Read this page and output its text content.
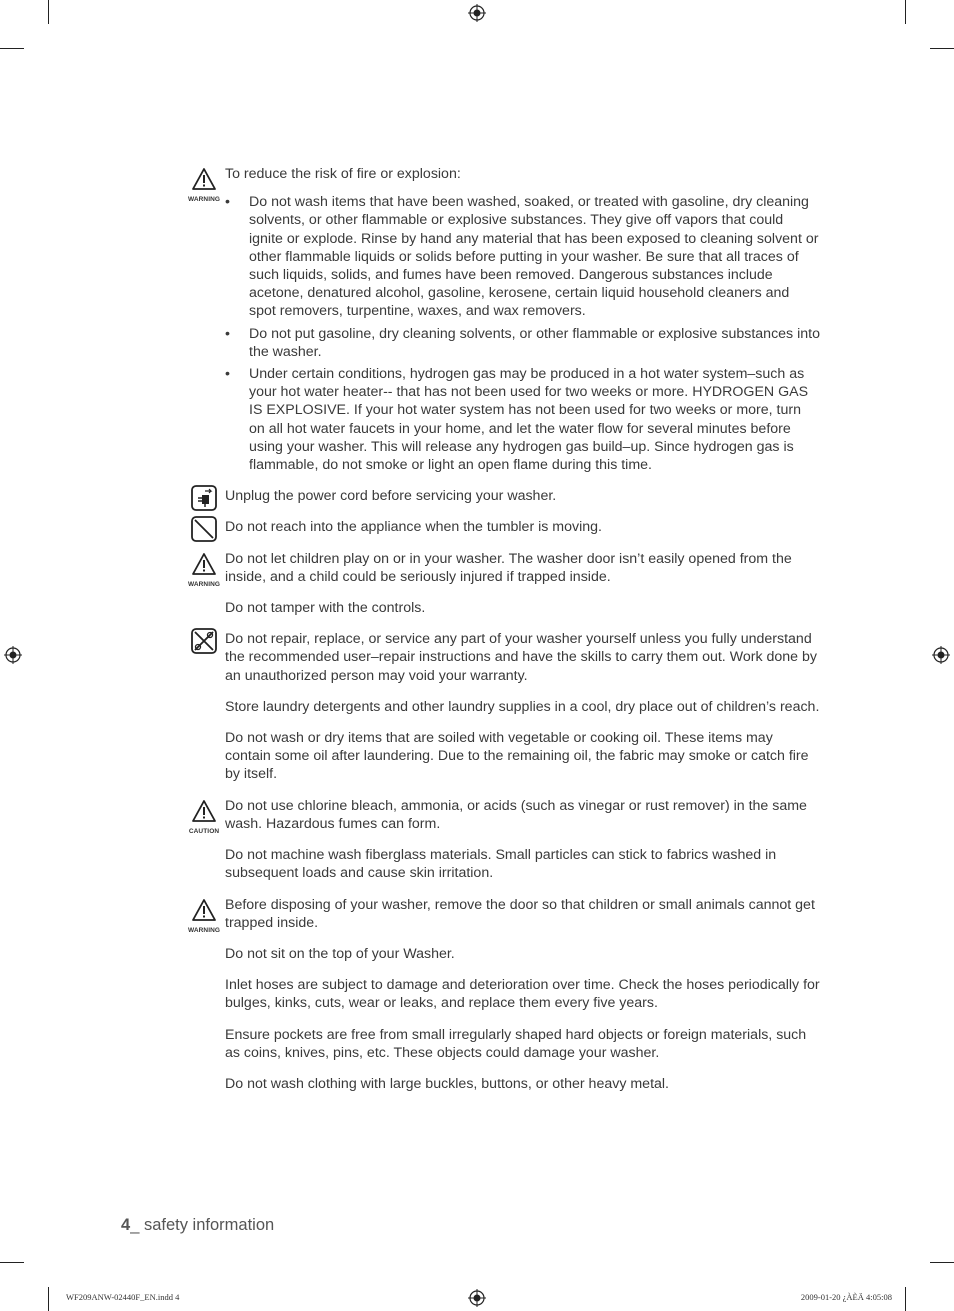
WARNING

To reduce the risk of fire or explosion:

• Do not wash items that have been washed, soaked, or treated with gasoline, dry cleaning solvents, or other flammable or explosive substances. They give off vapors that could ignite or explode. Rinse by hand any material that has been exposed to cleaning solvent or other flammable liquids or solids before putting in your washer. Be sure that all traces of such liquids, solids, and fumes have been removed. Dangerous substances include acetone, denatured alcohol, gasoline, kerosene, certain liquid household cleaners and spot removers, turpentine, waxes, and wax removers.
• Do not put gasoline, dry cleaning solvents, or other flammable or explosive substances into the washer.
• Under certain conditions, hydrogen gas may be produced in a hot water system–such as your hot water heater-- that has not been used for two weeks or more. HYDROGEN GAS IS EXPLOSIVE. If your hot water system has not been used for two weeks or more, turn on all hot water faucets in your home, and let the water flow for several minutes before using your washer. This will release any hydrogen gas build–up. Since hydrogen gas is flammable, do not smoke or light an open flame during this time.

Unplug the power cord before servicing your washer.

Do not reach into the appliance when the tumbler is moving.

WARNING

Do not let children play on or in your washer. The washer door isn’t easily opened from the inside, and a child could be seriously injured if trapped inside.

Do not tamper with the controls.

Do not repair, replace, or service any part of your washer yourself unless you fully understand the recommended user–repair instructions and have the skills to carry them out. Work done by an unauthorized person may void your warranty.

Store laundry detergents and other laundry supplies in a cool, dry place out of children’s reach.

Do not wash or dry items that are soiled with vegetable or cooking oil. These items may contain some oil after laundering. Due to the remaining oil, the fabric may smoke or catch fire by itself.

CAUTION

Do not use chlorine bleach, ammonia, or acids (such as vinegar or rust remover) in the same wash. Hazardous fumes can form.

Do not machine wash fiberglass materials. Small particles can stick to fabrics washed in subsequent loads and cause skin irritation.

WARNING

Before disposing of your washer, remove the door so that children or small animals cannot get trapped inside.

Do not sit on the top of your Washer.

Inlet hoses are subject to damage and deterioration over time. Check the hoses periodically for bulges, kinks, cuts, wear or leaks, and replace them every five years.

Ensure pockets are free from small irregularly shaped hard objects or foreign materials, such as coins, knives, pins, etc. These objects could damage your washer.

Do not wash clothing with large buckles, buttons, or other heavy metal.

4_ safety information
WF209ANW-02440F_EN.indd 4	2009-01-20 ¿ÀÈÄ 4:05:08
